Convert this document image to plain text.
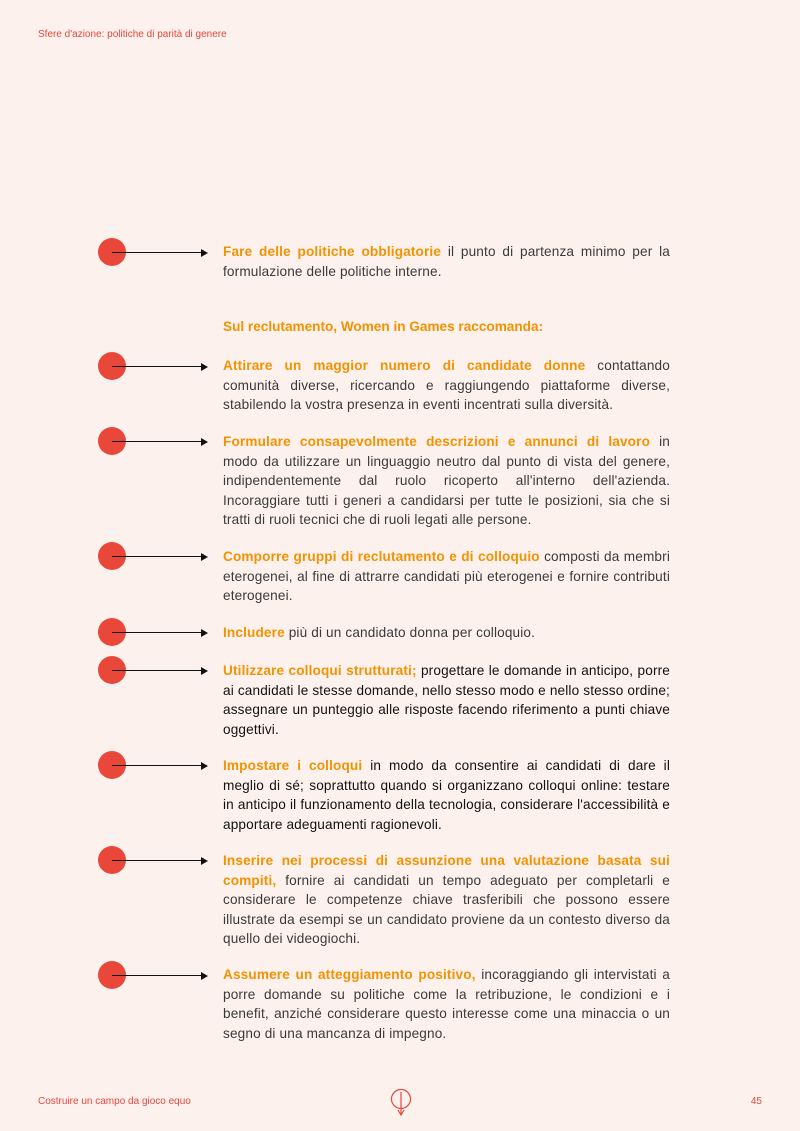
Sfere d'azione: politiche di parità di genere
Fare delle politiche obbligatorie il punto di partenza minimo per la formulazione delle politiche interne.
Sul reclutamento, Women in Games raccomanda:
Attirare un maggior numero di candidate donne contattando comunità diverse, ricercando e raggiungendo piattaforme diverse, stabilendo la vostra presenza in eventi incentrati sulla diversità.
Formulare consapevolmente descrizioni e annunci di lavoro in modo da utilizzare un linguaggio neutro dal punto di vista del genere, indipendentemente dal ruolo ricoperto all'interno dell'azienda. Incoraggiare tutti i generi a candidarsi per tutte le posizioni, sia che si tratti di ruoli tecnici che di ruoli legati alle persone.
Comporre gruppi di reclutamento e di colloquio composti da membri eterogenei, al fine di attrarre candidati più eterogenei e fornire contributi eterogenei.
Includere più di un candidato donna per colloquio.
Utilizzare colloqui strutturati; progettare le domande in anticipo, porre ai candidati le stesse domande, nello stesso modo e nello stesso ordine; assegnare un punteggio alle risposte facendo riferimento a punti chiave oggettivi.
Impostare i colloqui in modo da consentire ai candidati di dare il meglio di sé; soprattutto quando si organizzano colloqui online: testare in anticipo il funzionamento della tecnologia, considerare l'accessibilità e apportare adeguamenti ragionevoli.
Inserire nei processi di assunzione una valutazione basata sui compiti, fornire ai candidati un tempo adeguato per completarli e considerare le competenze chiave trasferibili che possono essere illustrate da esempi se un candidato proviene da un contesto diverso da quello dei videogiochi.
Assumere un atteggiamento positivo, incoraggiando gli intervistati a porre domande su politiche come la retribuzione, le condizioni e i benefit, anziché considerare questo interesse come una minaccia o un segno di una mancanza di impegno.
Costruire un campo da gioco equo	45
